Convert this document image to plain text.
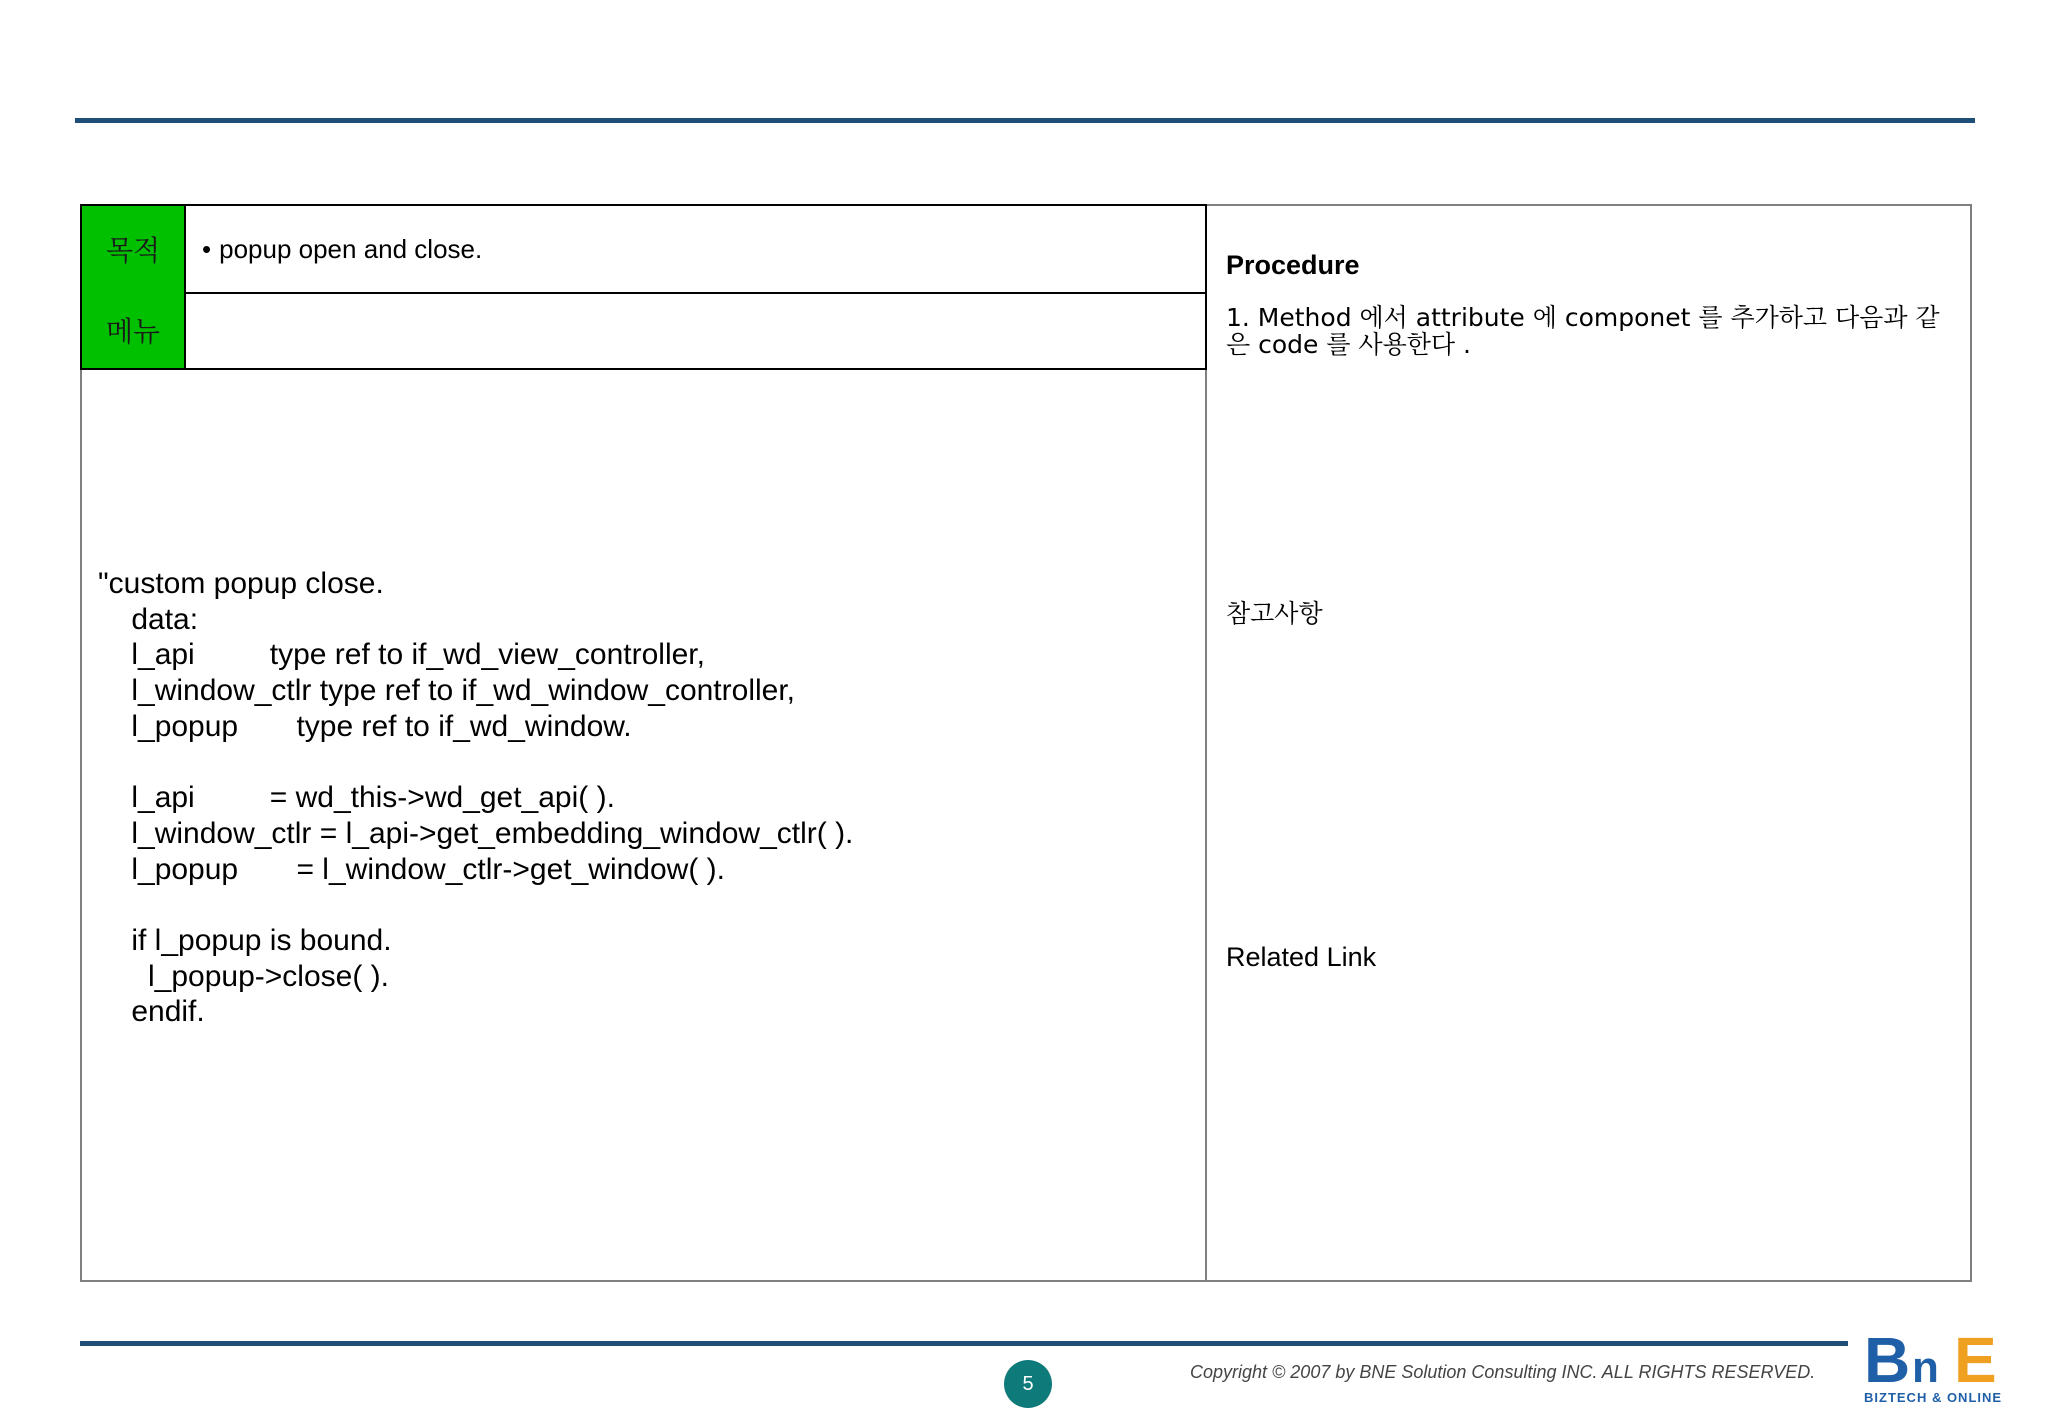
목적	• popup open and close.
메뉴
"custom popup close.
data:
l_api         type ref to if_wd_view_controller,
l_window_ctlr type ref to if_wd_window_controller,
l_popup       type ref to if_wd_window.

l_api         = wd_this->wd_get_api( ).
l_window_ctlr = l_api->get_embedding_window_ctlr( ).
l_popup       = l_window_ctlr->get_window( ).

if l_popup is bound.
l_popup->close( ).
endif.
Procedure
1. Method 에서 attribute 에 componet 를 추가하고 다음과 같은 code 를 사용한다 .
참고사항
Related Link
5
Copyright © 2007 by BNE Solution Consulting INC. ALL RIGHTS RESERVED. B n E
BIZTECH & ONLINE
